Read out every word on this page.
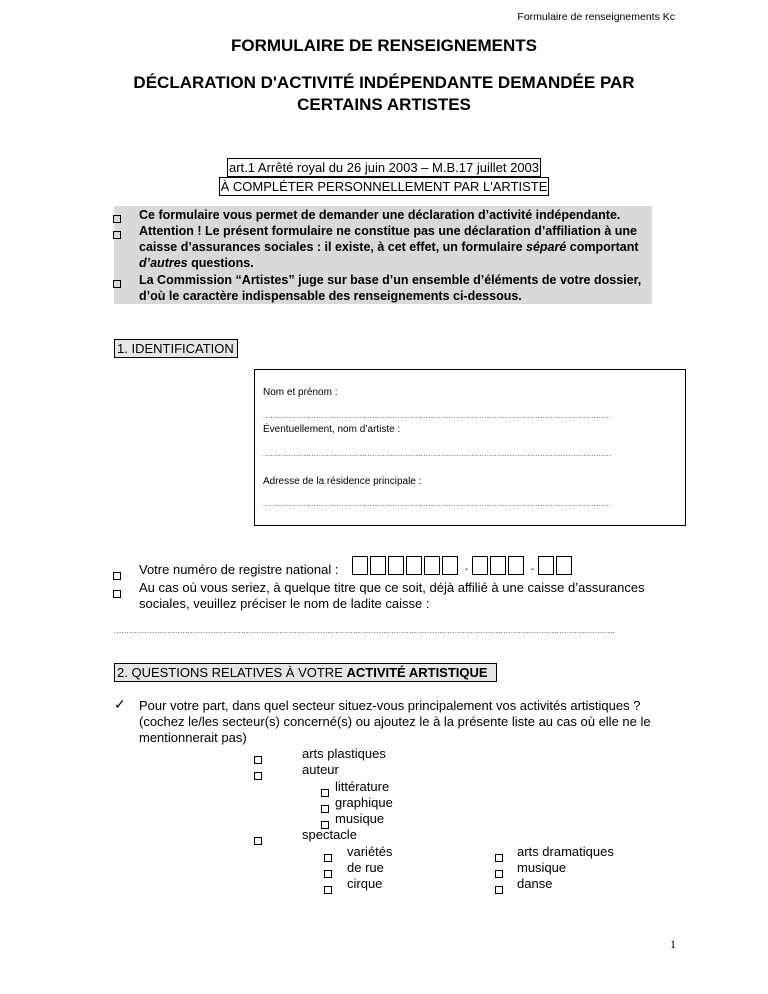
Formulaire de renseignements Kc
FORMULAIRE DE RENSEIGNEMENTS
DÉCLARATION D'ACTIVITÉ INDÉPENDANTE DEMANDÉE PAR
CERTAINS ARTISTES
art.1 Arrêté royal du 26 juin 2003 – M.B.17 juillet 2003
À COMPLÉTER PERSONNELLEMENT PAR L'ARTISTE
Ce formulaire vous permet de demander une déclaration d’activité indépendante.
Attention ! Le présent formulaire ne constitue pas une déclaration d’affiliation à une
caisse d’assurances sociales : il existe, à cet effet, un formulaire séparé comportant
d’autres questions.
La Commission “Artistes” juge sur base d’un ensemble d’éléments de votre dossier,
d’où le caractère indispensable des renseignements ci-dessous.
1. IDENTIFICATION
Nom et prénom :
.........................................................................................................................................
Éventuellement, nom d’artiste :
.........................................................................................................................................
Adresse de la résidence principale :
.........................................................................................................................................
Votre numéro de registre national :	-	-
Au cas où vous seriez, à quelque titre que ce soit, déjà affilié à une caisse d’assurances
sociales, veuillez préciser le nom de ladite caisse :
.....................................................................................................................................................................................................
2. QUESTIONS RELATIVES À VOTRE ACTIVITÉ ARTISTIQUE
✓ Pour votre part, dans quel secteur situez-vous principalement vos activités artistiques ?
(cochez le/les secteur(s) concerné(s) ou ajoutez le à la présente liste au cas où elle ne le
mentionnerait pas)
arts plastiques
auteur
littérature
graphique
musique
spectacle
variétés
de rue
cirque
arts dramatiques
musique
danse
1
